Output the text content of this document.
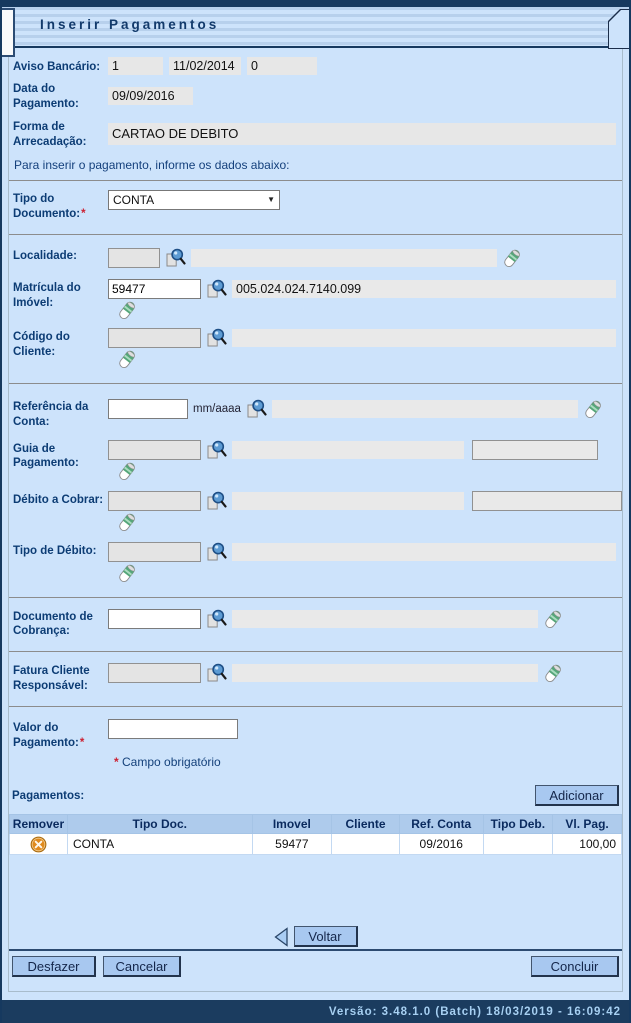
Inserir Pagamentos
Aviso Bancário: 1	11/02/2014	0
Data do Pagamento:
09/09/2016
Forma de Arrecadação:
CARTAO DE DEBITO
Para inserir o pagamento, informe os dados abaixo:
Tipo do Documento:*
CONTA	▼
Localidade:
Matrícula do Imóvel:
59477
005.024.024.7140.099
Código do Cliente:
Referência da Conta:
mm/aaaa
Guia de Pagamento:
Débito a Cobrar:
Tipo de Débito:
Documento de Cobrança:
Fatura Cliente Responsável:
Valor do Pagamento:*
* Campo obrigatório
Pagamentos:	Adicionar
Remover	Tipo Doc.	Imovel	Cliente	Ref. Conta	Tipo Deb.	Vl. Pag.

	CONTA	59477		09/2016		100,00
Voltar
Desfazer	Cancelar	Concluir
Versão: 3.48.1.0 (Batch) 18/03/2019 - 16:09:42
